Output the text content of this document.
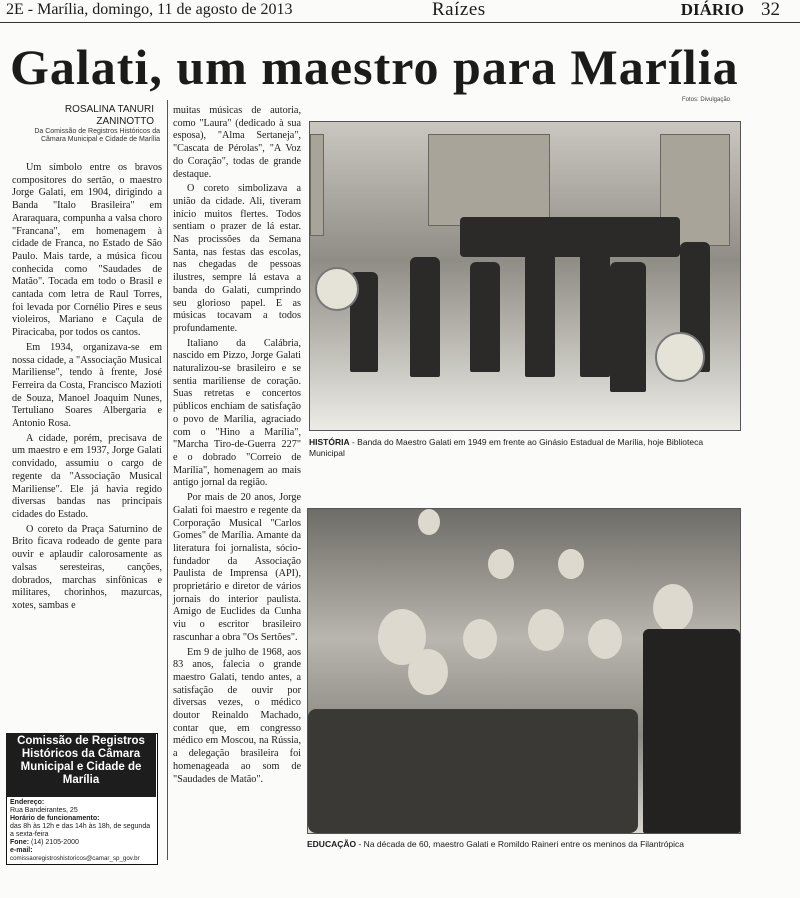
2E - Marília, domingo, 11 de agosto de 2013	Raízes	DIÁRIO 32
Galati, um maestro para Marília
ROSALINA TANURI ZANINOTTO
Da Comissão de Registros Históricos da Câmara Municipal e Cidade de Marília
Fotos: Divulgação

Um símbolo entre os bravos compositores do sertão, o maestro Jorge Galati, em 1904, dirigindo a Banda "Italo Brasileira" em Araraquara, compunha a valsa choro "Francana", em homenagem à cidade de Franca, no Estado de São Paulo. Mais tarde, a música ficou conhecida como "Saudades de Matão". Tocada em todo o Brasil e cantada com letra de Raul Torres, foi levada por Cornélio Pires e seus violeiros, Mariano e Caçula de Piracicaba, por todos os cantos.

Em 1934, organizava-se em nossa cidade, a "Associação Musical Mariliense", tendo à frente, José Ferreira da Costa, Francisco Mazioti de Souza, Manoel Joaquim Nunes, Tertuliano Soares Albergaria e Antonio Rosa.

A cidade, porém, precisava de um maestro e em 1937, Jorge Galati convidado, assumiu o cargo de regente da "Associação Musical Mariliense". Ele já havia regido diversas bandas nas principais cidades do Estado.

O coreto da Praça Saturnino de Brito ficava rodeado de gente para ouvir e aplaudir calorosamente as valsas seresteiras, canções, dobrados, marchas sinfônicas e militares, chorinhos, mazurcas, xotes, sambas e

muitas músicas de autoria, como "Laura" (dedicado à sua esposa), "Alma Sertaneja", "Cascata de Pérolas", "A Voz do Coração", todas de grande destaque.

O coreto simbolizava a união da cidade. Ali, tiveram início muitos flertes. Todos sentiam o prazer de lá estar. Nas procissões da Semana Santa, nas festas das escolas, nas chegadas de pessoas ilustres, sempre lá estava a banda do Galati, cumprindo seu glorioso papel. E as músicas tocavam a todos profundamente.

Italiano da Calábria, nascido em Pizzo, Jorge Galati naturalizou-se brasileiro e se sentia mariliense de coração. Suas retretas e concertos públicos enchiam de satisfação o povo de Marília, agraciado com o "Hino a Marília", "Marcha Tiro-de-Guerra 227" e o dobrado "Correio de Marília", homenagem ao mais antigo jornal da região.

Por mais de 20 anos, Jorge Galati foi maestro e regente da Corporação Musical "Carlos Gomes" de Marília. Amante da literatura foi jornalista, sócio-fundador da Associação Paulista de Imprensa (API), proprietário e diretor de vários jornais do interior paulista. Amigo de Euclides da Cunha viu o escritor brasileiro rascunhar a obra "Os Sertões".

Em 9 de julho de 1968, aos 83 anos, falecia o grande maestro Galati, tendo antes, a satisfação de ouvir por diversas vezes, o médico doutor Reinaldo Machado, contar que, em congresso médico em Moscou, na Rússia, a delegação brasileira foi homenageada ao som de "Saudades de Matão".

HISTÓRIA - Banda do Maestro Galati em 1949 em frente ao Ginásio Estadual de Marília, hoje Biblioteca Municipal
EDUCAÇÃO - Na década de 60, maestro Galati e Romildo Raineri entre os meninos da Filantrópica
Comissão de Registros Históricos da Câmara Municipal e Cidade de Marília
Endereço:
Rua Bandeirantes, 25
Horário de funcionamento:
das 8h às 12h e das 14h às 18h, de segunda a sexta-feira
Fone: (14) 2105-2000
e-mail:
comissaoregistroshistoricos@camar_sp_gov.br
